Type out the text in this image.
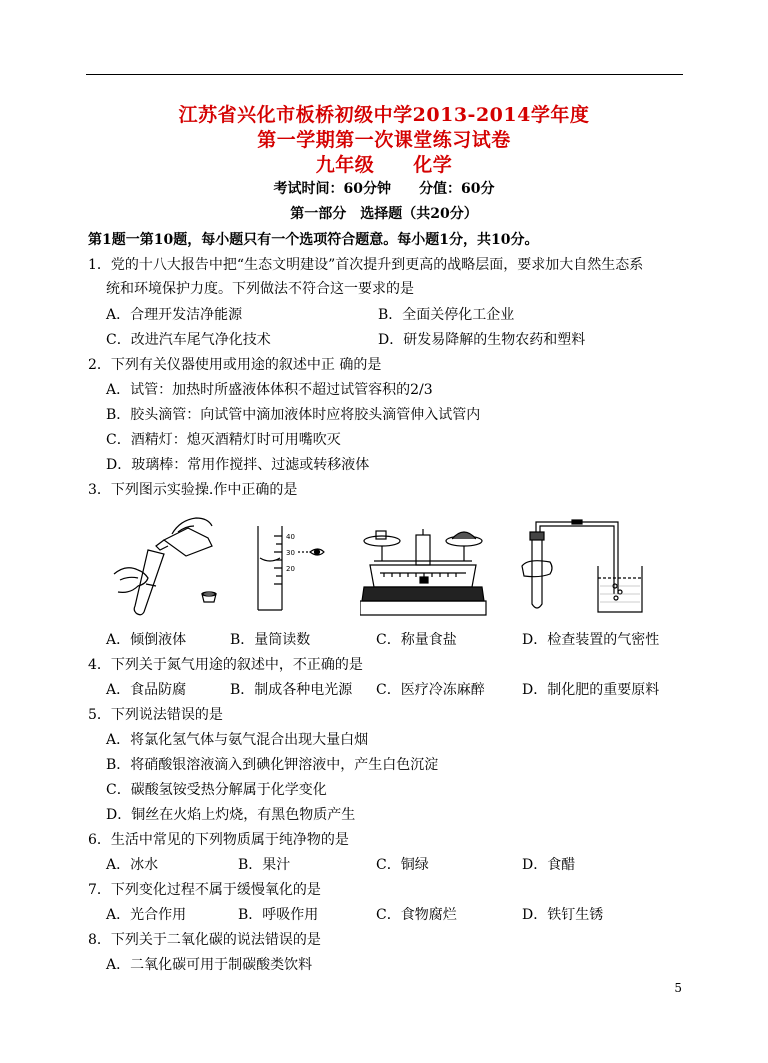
江苏省兴化市板桥初级中学2013-2014学年度
第一学期第一次课堂练习试卷
九年级　　化学
考试时间：60分钟　　分值：60分
第一部分　选择题（共20分）
第1题一第10题，每小题只有一个选项符合题意。每小题1分，共10分。
1．党的十八大报告中把“生态文明建设”首次提升到更高的战略层面，要求加大自然生态系
统和环境保护力度。下列做法不符合这一要求的是
A．合理开发洁净能源	B．全面关停化工企业
C．改进汽车尾气净化技术	D．研发易降解的生物农药和塑料
2．下列有关仪器使用或用途的叙述中正 确的是
A．试管：加热时所盛液体体积不超过试管容积的2/3
B．胶头滴管：向试管中滴加液体时应将胶头滴管伸入试管内
C．酒精灯：熄灭酒精灯时可用嘴吹灭
D．玻璃棒：常用作搅拌、过滤或转移液体
3．下列图示实验操.作中正确的是
40
30
20
A．倾倒液体	B．量筒读数	C．称量食盐	D．检查装置的气密性
4．下列关于氮气用途的叙述中，不正确的是
A．食品防腐	B．制成各种电光源 C．医疗冷冻麻醉	D．制化肥的重要原料
5．下列说法错误的是
A．将氯化氢气体与氨气混合出现大量白烟
B．将硝酸银溶液滴入到碘化钾溶液中，产生白色沉淀
C．碳酸氢铵受热分解属于化学变化
D．铜丝在火焰上灼烧，有黑色物质产生
6．生活中常见的下列物质属于纯净物的是
A．冰水	B．果汁	C．铜绿	D．食醋
7．下列变化过程不属于缓慢氧化的是
A．光合作用	B．呼吸作用	C．食物腐烂	D．铁钉生锈
8．下列关于二氧化碳的说法错误的是
A．二氧化碳可用于制碳酸类饮料
5
